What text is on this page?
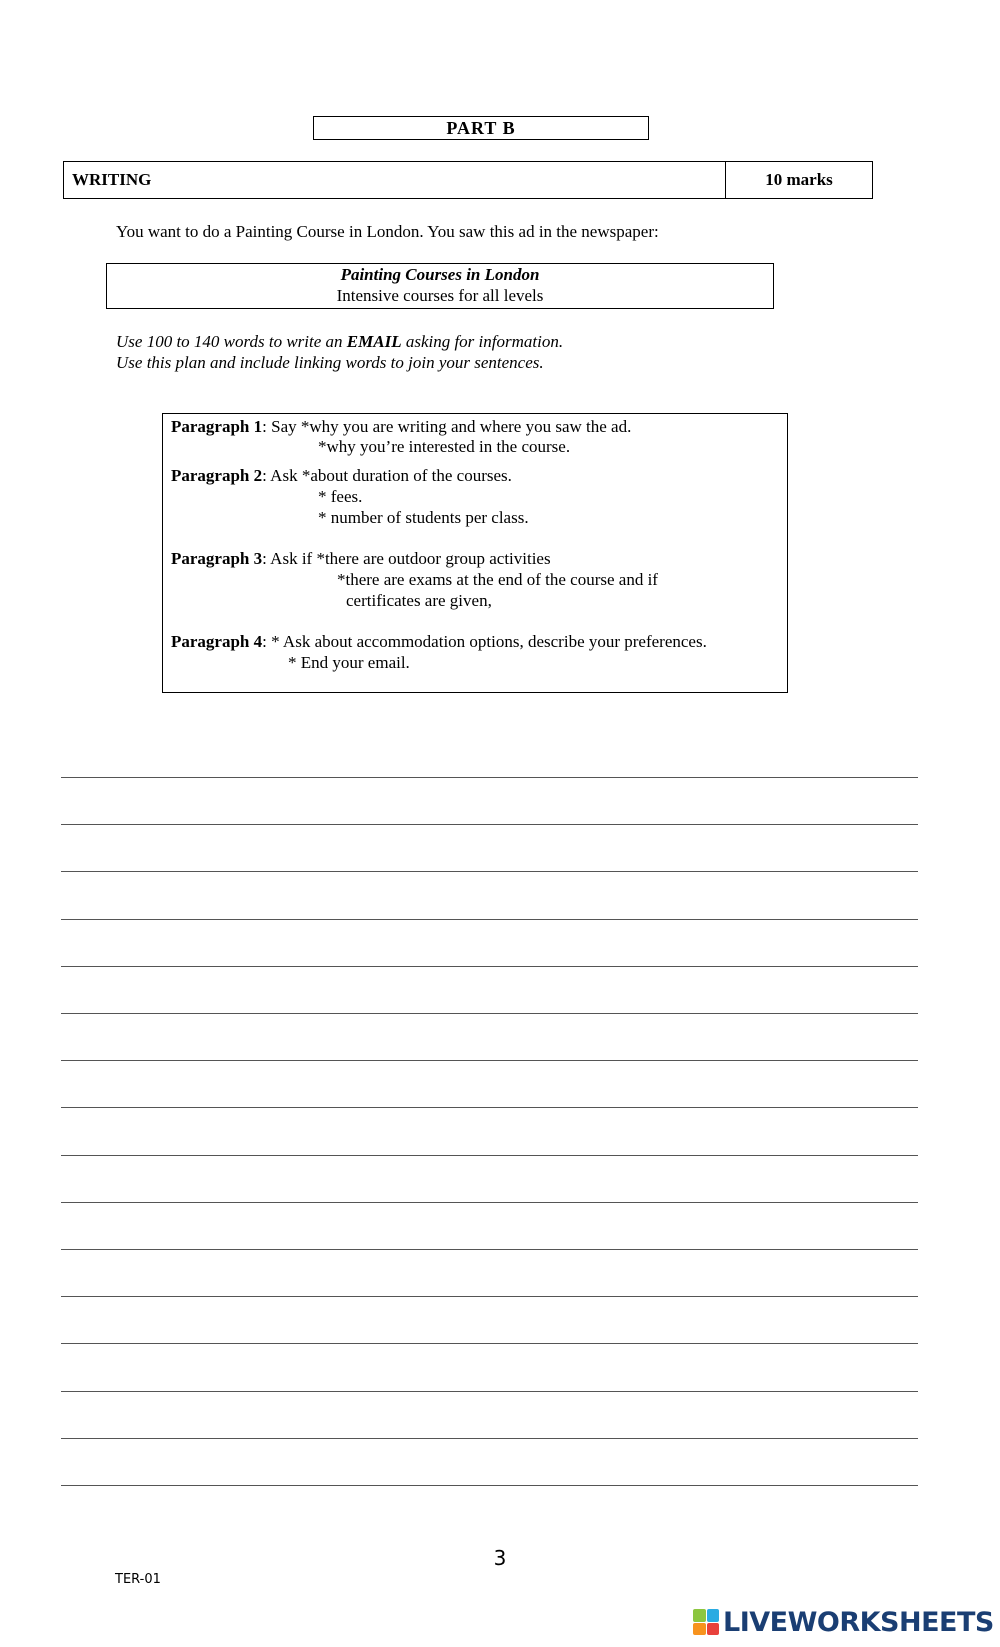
PART B
WRITING	10 marks
You want to do a Painting Course in London. You saw this ad in the newspaper:
Painting Courses in London
Intensive courses for all levels
Use 100 to 140 words to write an EMAIL asking for information.
Use this plan and include linking words to join your sentences.
Paragraph 1: Say *why you are writing and where you saw the ad.
*why you’re interested in the course.
Paragraph 2: Ask *about duration of the courses.
* fees.
* number of students per class.
Paragraph 3: Ask if *there are outdoor group activities
*there are exams at the end of the course and if
certificates are given,
Paragraph 4: * Ask about accommodation options, describe your preferences.
* End your email.
3
TER-01
LIVEWORKSHEETS
